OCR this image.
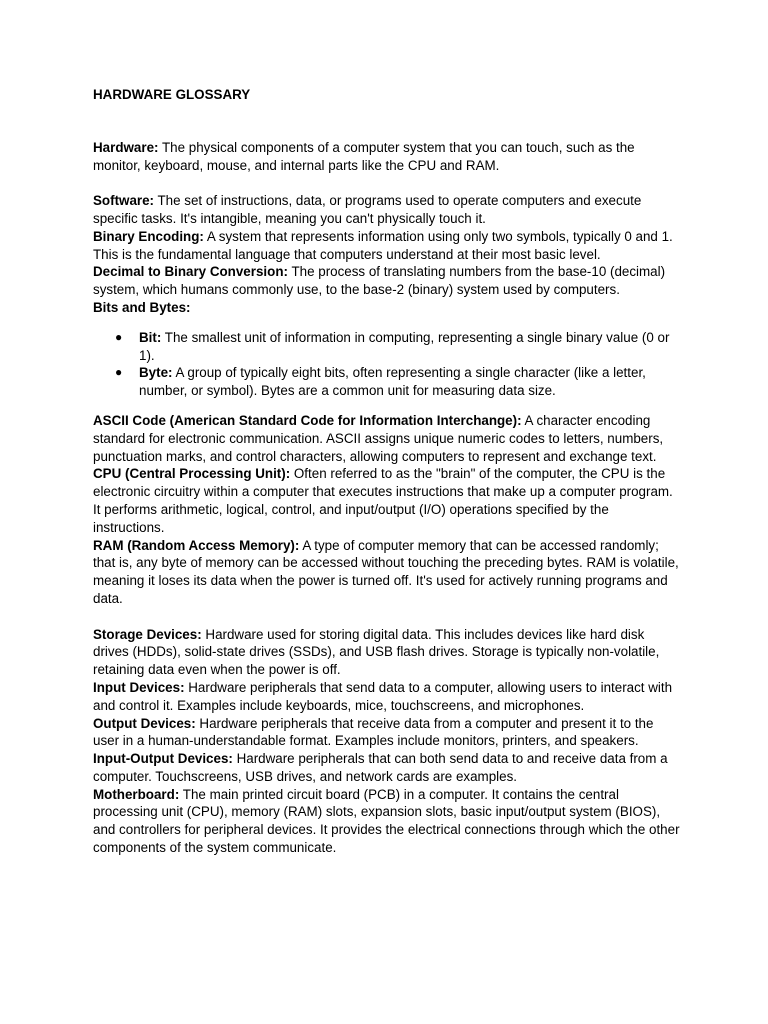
HARDWARE GLOSSARY

Hardware: The physical components of a computer system that you can touch, such as the monitor, keyboard, mouse, and internal parts like the CPU and RAM.

Software: The set of instructions, data, or programs used to operate computers and execute specific tasks. It's intangible, meaning you can't physically touch it.

Binary Encoding: A system that represents information using only two symbols, typically 0 and 1. This is the fundamental language that computers understand at their most basic level.

Decimal to Binary Conversion: The process of translating numbers from the base-10 (decimal) system, which humans commonly use, to the base-2 (binary) system used by computers.

Bits and Bytes:

● Bit: The smallest unit of information in computing, representing a single binary value (0 or 1).
● Byte: A group of typically eight bits, often representing a single character (like a letter, number, or symbol). Bytes are a common unit for measuring data size.

ASCII Code (American Standard Code for Information Interchange): A character encoding standard for electronic communication. ASCII assigns unique numeric codes to letters, numbers, punctuation marks, and control characters, allowing computers to represent and exchange text.

CPU (Central Processing Unit): Often referred to as the "brain" of the computer, the CPU is the electronic circuitry within a computer that executes instructions that make up a computer program. It performs arithmetic, logical, control, and input/output (I/O) operations specified by the instructions.

RAM (Random Access Memory): A type of computer memory that can be accessed randomly; that is, any byte of memory can be accessed without touching the preceding bytes. RAM is volatile, meaning it loses its data when the power is turned off. It's used for actively running programs and data.

Storage Devices: Hardware used for storing digital data. This includes devices like hard disk drives (HDDs), solid-state drives (SSDs), and USB flash drives. Storage is typically non-volatile, retaining data even when the power is off.

Input Devices: Hardware peripherals that send data to a computer, allowing users to interact with and control it. Examples include keyboards, mice, touchscreens, and microphones.

Output Devices: Hardware peripherals that receive data from a computer and present it to the user in a human-understandable format. Examples include monitors, printers, and speakers.

Input-Output Devices: Hardware peripherals that can both send data to and receive data from a computer. Touchscreens, USB drives, and network cards are examples.

Motherboard: The main printed circuit board (PCB) in a computer. It contains the central processing unit (CPU), memory (RAM) slots, expansion slots, basic input/output system (BIOS), and controllers for peripheral devices. It provides the electrical connections through which the other components of the system communicate.
